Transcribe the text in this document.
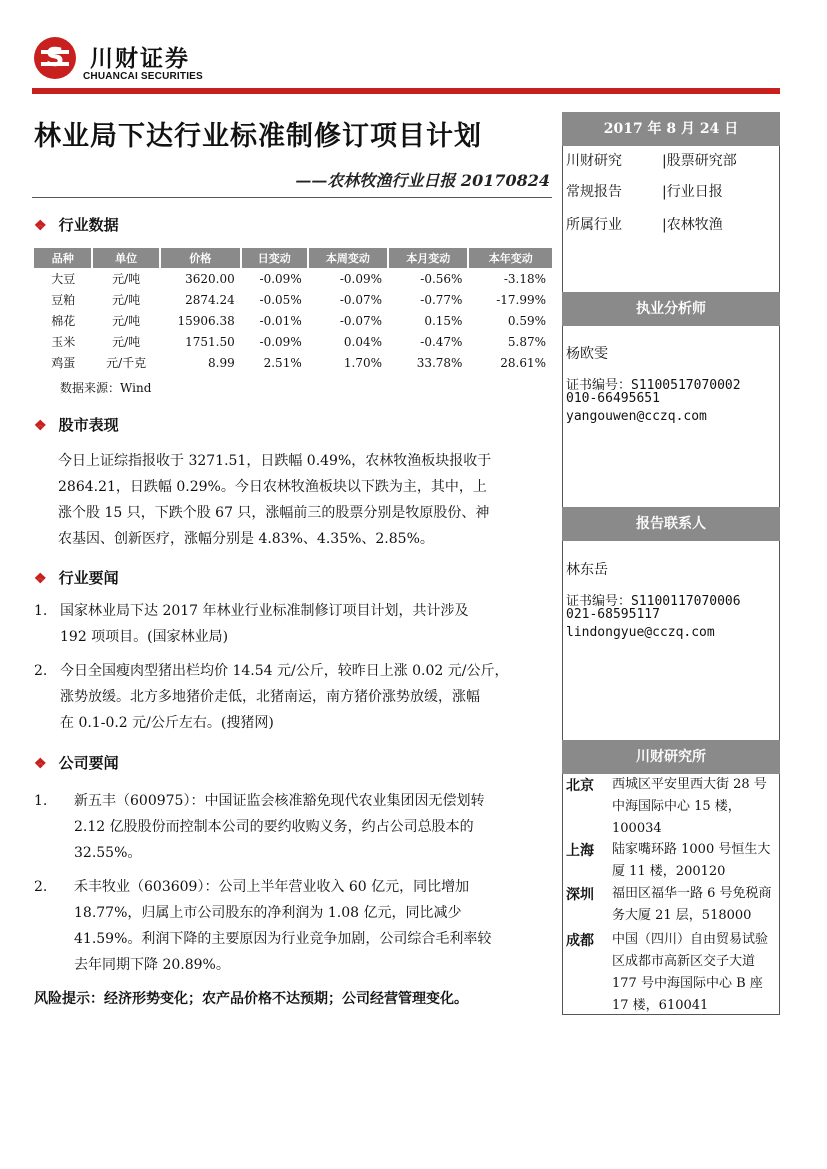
S	川财证券
CHUANCAI SECURITIES
林业局下达行业标准制修订项目计划
——农林牧渔行业日报 20170824
❖ 行业数据
品种	单位	价格	日变动	本周变动	本月变动	本年变动
大豆	元/吨	3620.00	-0.09%	-0.09%	-0.56%	-3.18%
豆粕	元/吨	2874.24	-0.05%	-0.07%	-0.77%	-17.99%
棉花	元/吨	15906.38	-0.01%	-0.07%	0.15%	0.59%
玉米	元/吨	1751.50	-0.09%	0.04%	-0.47%	5.87%
鸡蛋	元/千克	8.99	2.51%	1.70%	33.78%	28.61%
数据来源：Wind
❖ 股市表现
今日上证综指报收于 3271.51，日跌幅 0.49%，农林牧渔板块报收于
2864.21，日跌幅 0.29%。今日农林牧渔板块以下跌为主，其中，上
涨个股 15 只，下跌个股 67 只，涨幅前三的股票分别是牧原股份、神
农基因、创新医疗，涨幅分别是 4.83%、4.35%、2.85%。
❖ 行业要闻
1. 国家林业局下达 2017 年林业行业标准制修订项目计划，共计涉及
192 项项目。(国家林业局)
2. 今日全国瘦肉型猪出栏均价 14.54 元/公斤，较昨日上涨 0.02 元/公斤，
涨势放缓。北方多地猪价走低，北猪南运，南方猪价涨势放缓，涨幅
在 0.1-0.2 元/公斤左右。(搜猪网)
❖ 公司要闻
1. 新五丰（600975）：中国证监会核准豁免现代农业集团因无偿划转
2.12 亿股股份而控制本公司的要约收购义务，约占公司总股本的
32.55%。
2. 禾丰牧业（603609）：公司上半年营业收入 60 亿元，同比增加
18.77%，归属上市公司股东的净利润为 1.08 亿元，同比减少
41.59%。利润下降的主要原因为行业竞争加剧，公司综合毛利率较
去年同期下降 20.89%。
风险提示：经济形势变化；农产品价格不达预期；公司经营管理变化。
2017 年 8 月 24 日
川财研究	|股票研究部
常规报告	|行业日报
所属行业	|农林牧渔
执业分析师
杨欧雯
证书编号：S1100517070002
010-66495651
yangouwen@cczq.com
报告联系人
林东岳
证书编号：S1100117070006
021-68595117
lindongyue@cczq.com
川财研究所
北京 西城区平安里西大街 28 号中海国际中心 15 楼，100034
上海 陆家嘴环路 1000 号恒生大厦 11 楼，200120
深圳 福田区福华一路 6 号免税商务大厦 21 层，518000
成都 中国（四川）自由贸易试验区成都市高新区交子大道 177 号中海国际中心 B 座 17 楼，610041
